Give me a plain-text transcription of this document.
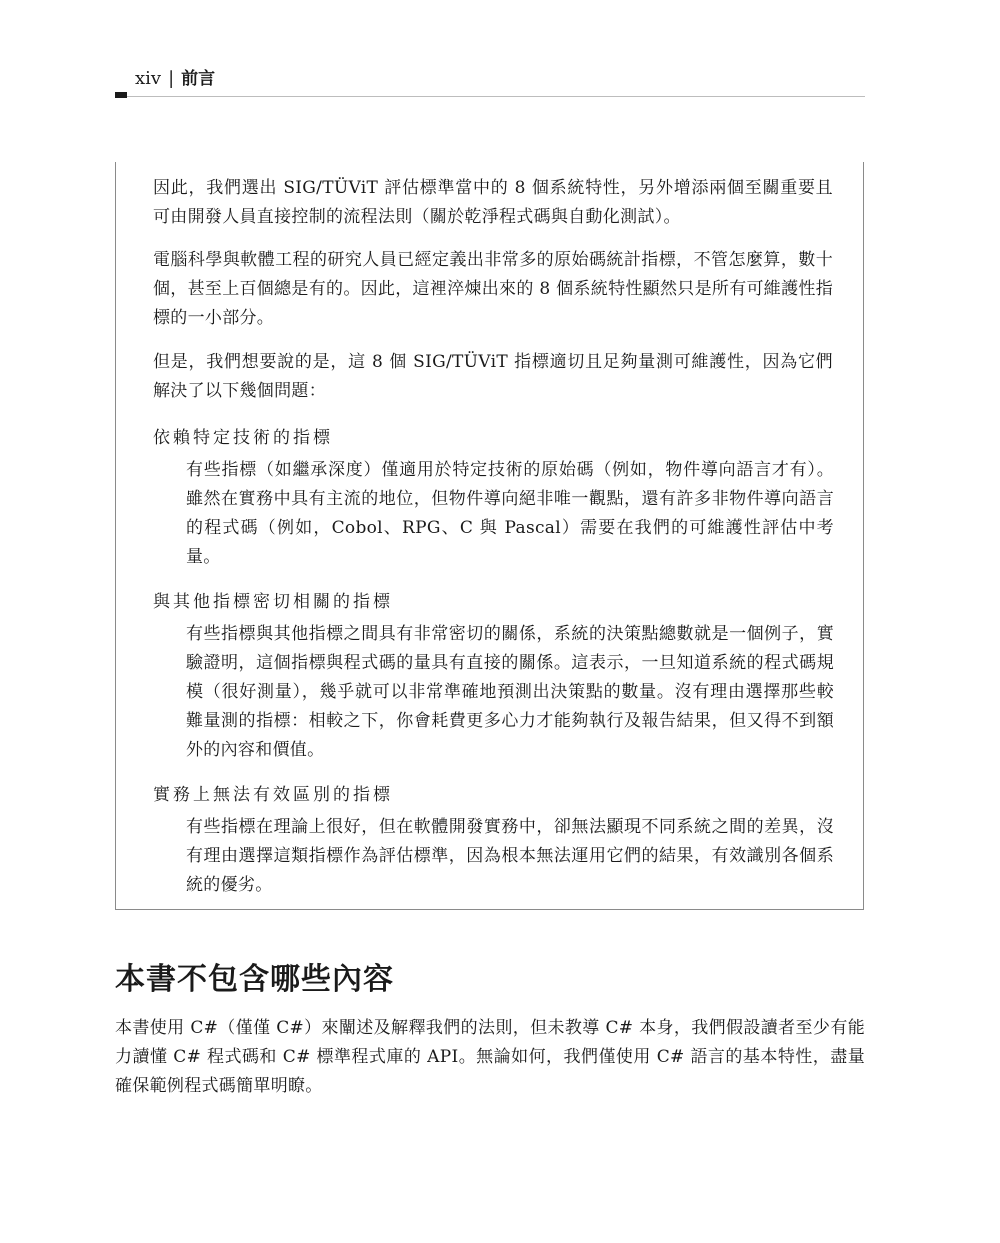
xiv | 前言
因此，我們選出 SIG/TÜViT 評估標準當中的 8 個系統特性，另外增添兩個至關重要且可由開發人員直接控制的流程法則（關於乾淨程式碼與自動化測試）。
電腦科學與軟體工程的研究人員已經定義出非常多的原始碼統計指標，不管怎麼算，數十個，甚至上百個總是有的。因此，這裡淬煉出來的 8 個系統特性顯然只是所有可維護性指標的一小部分。
但是，我們想要說的是，這 8 個 SIG/TÜViT 指標適切且足夠量測可維護性，因為它們解決了以下幾個問題：
依賴特定技術的指標
有些指標（如繼承深度）僅適用於特定技術的原始碼（例如，物件導向語言才有）。雖然在實務中具有主流的地位，但物件導向絕非唯一觀點，還有許多非物件導向語言的程式碼（例如，Cobol、RPG、C 與 Pascal）需要在我們的可維護性評估中考量。
與其他指標密切相關的指標
有些指標與其他指標之間具有非常密切的關係，系統的決策點總數就是一個例子，實驗證明，這個指標與程式碼的量具有直接的關係。這表示，一旦知道系統的程式碼規模（很好測量），幾乎就可以非常準確地預測出決策點的數量。沒有理由選擇那些較難量測的指標：相較之下，你會耗費更多心力才能夠執行及報告結果，但又得不到額外的內容和價值。
實務上無法有效區別的指標
有些指標在理論上很好，但在軟體開發實務中，卻無法顯現不同系統之間的差異，沒有理由選擇這類指標作為評估標準，因為根本無法運用它們的結果，有效識別各個系統的優劣。
本書不包含哪些內容
本書使用 C#（僅僅 C#）來闡述及解釋我們的法則，但未教導 C# 本身，我們假設讀者至少有能力讀懂 C# 程式碼和 C# 標準程式庫的 API。無論如何，我們僅使用 C# 語言的基本特性，盡量確保範例程式碼簡單明瞭。
